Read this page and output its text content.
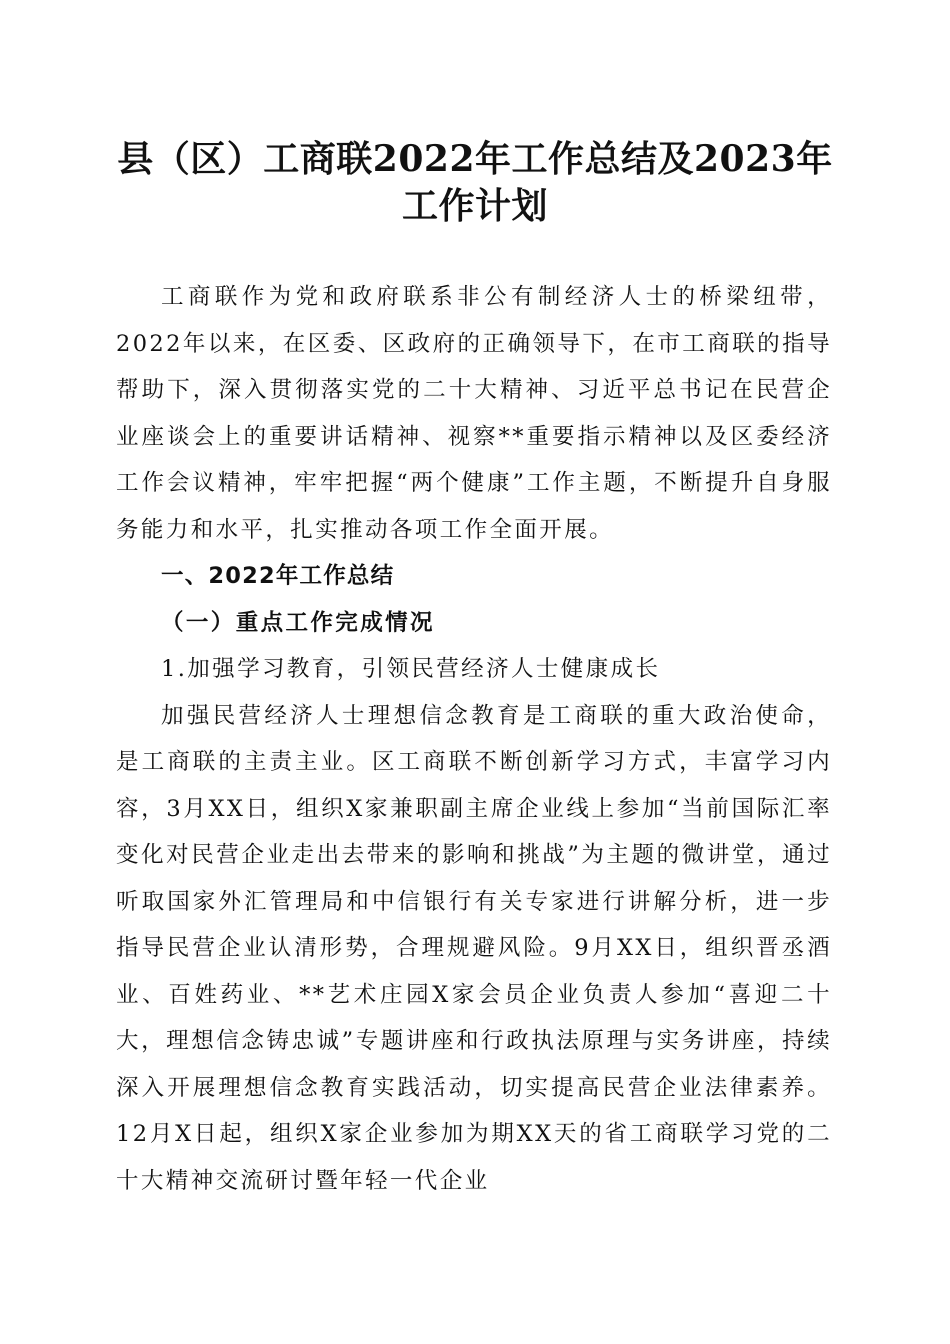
县（区）工商联2022年工作总结及2023年工作计划

工商联作为党和政府联系非公有制经济人士的桥梁纽带，2022年以来，在区委、区政府的正确领导下，在市工商联的指导帮助下，深入贯彻落实党的二十大精神、习近平总书记在民营企业座谈会上的重要讲话精神、视察**重要指示精神以及区委经济工作会议精神，牢牢把握“两个健康”工作主题，不断提升自身服务能力和水平，扎实推动各项工作全面开展。

一、2022年工作总结

（一）重点工作完成情况

1.加强学习教育，引领民营经济人士健康成长

加强民营经济人士理想信念教育是工商联的重大政治使命，是工商联的主责主业。区工商联不断创新学习方式，丰富学习内容，3月XX日，组织X家兼职副主席企业线上参加“当前国际汇率变化对民营企业走出去带来的影响和挑战”为主题的微讲堂，通过听取国家外汇管理局和中信银行有关专家进行讲解分析，进一步指导民营企业认清形势，合理规避风险。9月XX日，组织晋丞酒业、百姓药业、**艺术庄园X家会员企业负责人参加“喜迎二十大，理想信念铸忠诚”专题讲座和行政执法原理与实务讲座，持续深入开展理想信念教育实践活动，切实提高民营企业法律素养。12月X日起，组织X家企业参加为期XX天的省工商联学习党的二十大精神交流研讨暨年轻一代企业
